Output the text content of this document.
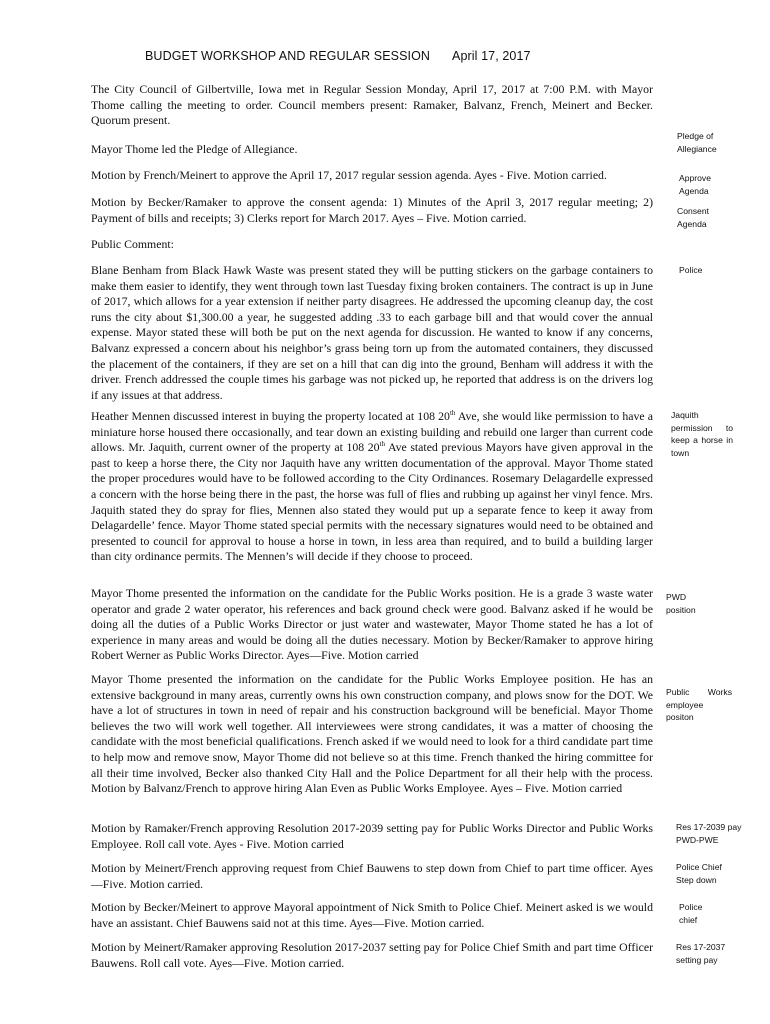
BUDGET WORKSHOP AND REGULAR SESSION April 17, 2017
The City Council of Gilbertville, Iowa met in Regular Session Monday, April 17, 2017 at 7:00 P.M. with Mayor Thome calling the meeting to order. Council members present: Ramaker, Balvanz, French, Meinert and Becker. Quorum present.
Mayor Thome led the Pledge of Allegiance.
Motion by French/Meinert to approve the April 17, 2017 regular session agenda. Ayes - Five. Motion carried.
Motion by Becker/Ramaker to approve the consent agenda: 1) Minutes of the April 3, 2017 regular meeting; 2) Payment of bills and receipts; 3) Clerks report for March 2017. Ayes – Five. Motion carried.
Public Comment:
Blane Benham from Black Hawk Waste was present stated they will be putting stickers on the garbage containers to make them easier to identify, they went through town last Tuesday fixing broken containers. The contract is up in June of 2017, which allows for a year extension if neither party disagrees. He addressed the upcoming cleanup day, the cost runs the city about $1,300.00 a year, he suggested adding .33 to each garbage bill and that would cover the annual expense. Mayor stated these will both be put on the next agenda for discussion. He wanted to know if any concerns, Balvanz expressed a concern about his neighbor’s grass being torn up from the automated containers, they discussed the placement of the containers, if they are set on a hill that can dig into the ground, Benham will address it with the driver. French addressed the couple times his garbage was not picked up, he reported that address is on the drivers log if any issues at that address.
Heather Mennen discussed interest in buying the property located at 108 20th Ave, she would like permission to have a miniature horse housed there occasionally, and tear down an existing building and rebuild one larger than current code allows. Mr. Jaquith, current owner of the property at 108 20th Ave stated previous Mayors have given approval in the past to keep a horse there, the City nor Jaquith have any written documentation of the approval. Mayor Thome stated the proper procedures would have to be followed according to the City Ordinances. Rosemary Delagardelle expressed a concern with the horse being there in the past, the horse was full of flies and rubbing up against her vinyl fence. Mrs. Jaquith stated they do spray for flies, Mennen also stated they would put up a separate fence to keep it away from Delagardelle’ fence. Mayor Thome stated special permits with the necessary signatures would need to be obtained and presented to council for approval to house a horse in town, in less area than required, and to build a building larger than city ordinance permits. The Mennen’s will decide if they choose to proceed.
Mayor Thome presented the information on the candidate for the Public Works position. He is a grade 3 waste water operator and grade 2 water operator, his references and back ground check were good. Balvanz asked if he would be doing all the duties of a Public Works Director or just water and wastewater, Mayor Thome stated he has a lot of experience in many areas and would be doing all the duties necessary. Motion by Becker/Ramaker to approve hiring Robert Werner as Public Works Director. Ayes—Five. Motion carried
Mayor Thome presented the information on the candidate for the Public Works Employee position. He has an extensive background in many areas, currently owns his own construction company, and plows snow for the DOT. We have a lot of structures in town in need of repair and his construction background will be beneficial. Mayor Thome believes the two will work well together. All interviewees were strong candidates, it was a matter of choosing the candidate with the most beneficial qualifications. French asked if we would need to look for a third candidate part time to help mow and remove snow, Mayor Thome did not believe so at this time. French thanked the hiring committee for all their time involved, Becker also thanked City Hall and the Police Department for all their help with the process. Motion by Balvanz/French to approve hiring Alan Even as Public Works Employee. Ayes – Five. Motion carried
Motion by Ramaker/French approving Resolution 2017-2039 setting pay for Public Works Director and Public Works Employee. Roll call vote. Ayes - Five. Motion carried
Motion by Meinert/French approving request from Chief Bauwens to step down from Chief to part time officer. Ayes—Five. Motion carried.
Motion by Becker/Meinert to approve Mayoral appointment of Nick Smith to Police Chief. Meinert asked is we would have an assistant. Chief Bauwens said not at this time. Ayes—Five. Motion carried.
Motion by Meinert/Ramaker approving Resolution 2017-2037 setting pay for Police Chief Smith and part time Officer Bauwens. Roll call vote. Ayes—Five. Motion carried.
Pledge of Allegiance
Approve Agenda
Consent Agenda
Police
Jaquith permission to keep a horse in town
PWD position
Public Works employee positon
Res 17-2039 pay PWD-PWE
Police Chief Step down
Police chief
Res 17-2037 setting pay
